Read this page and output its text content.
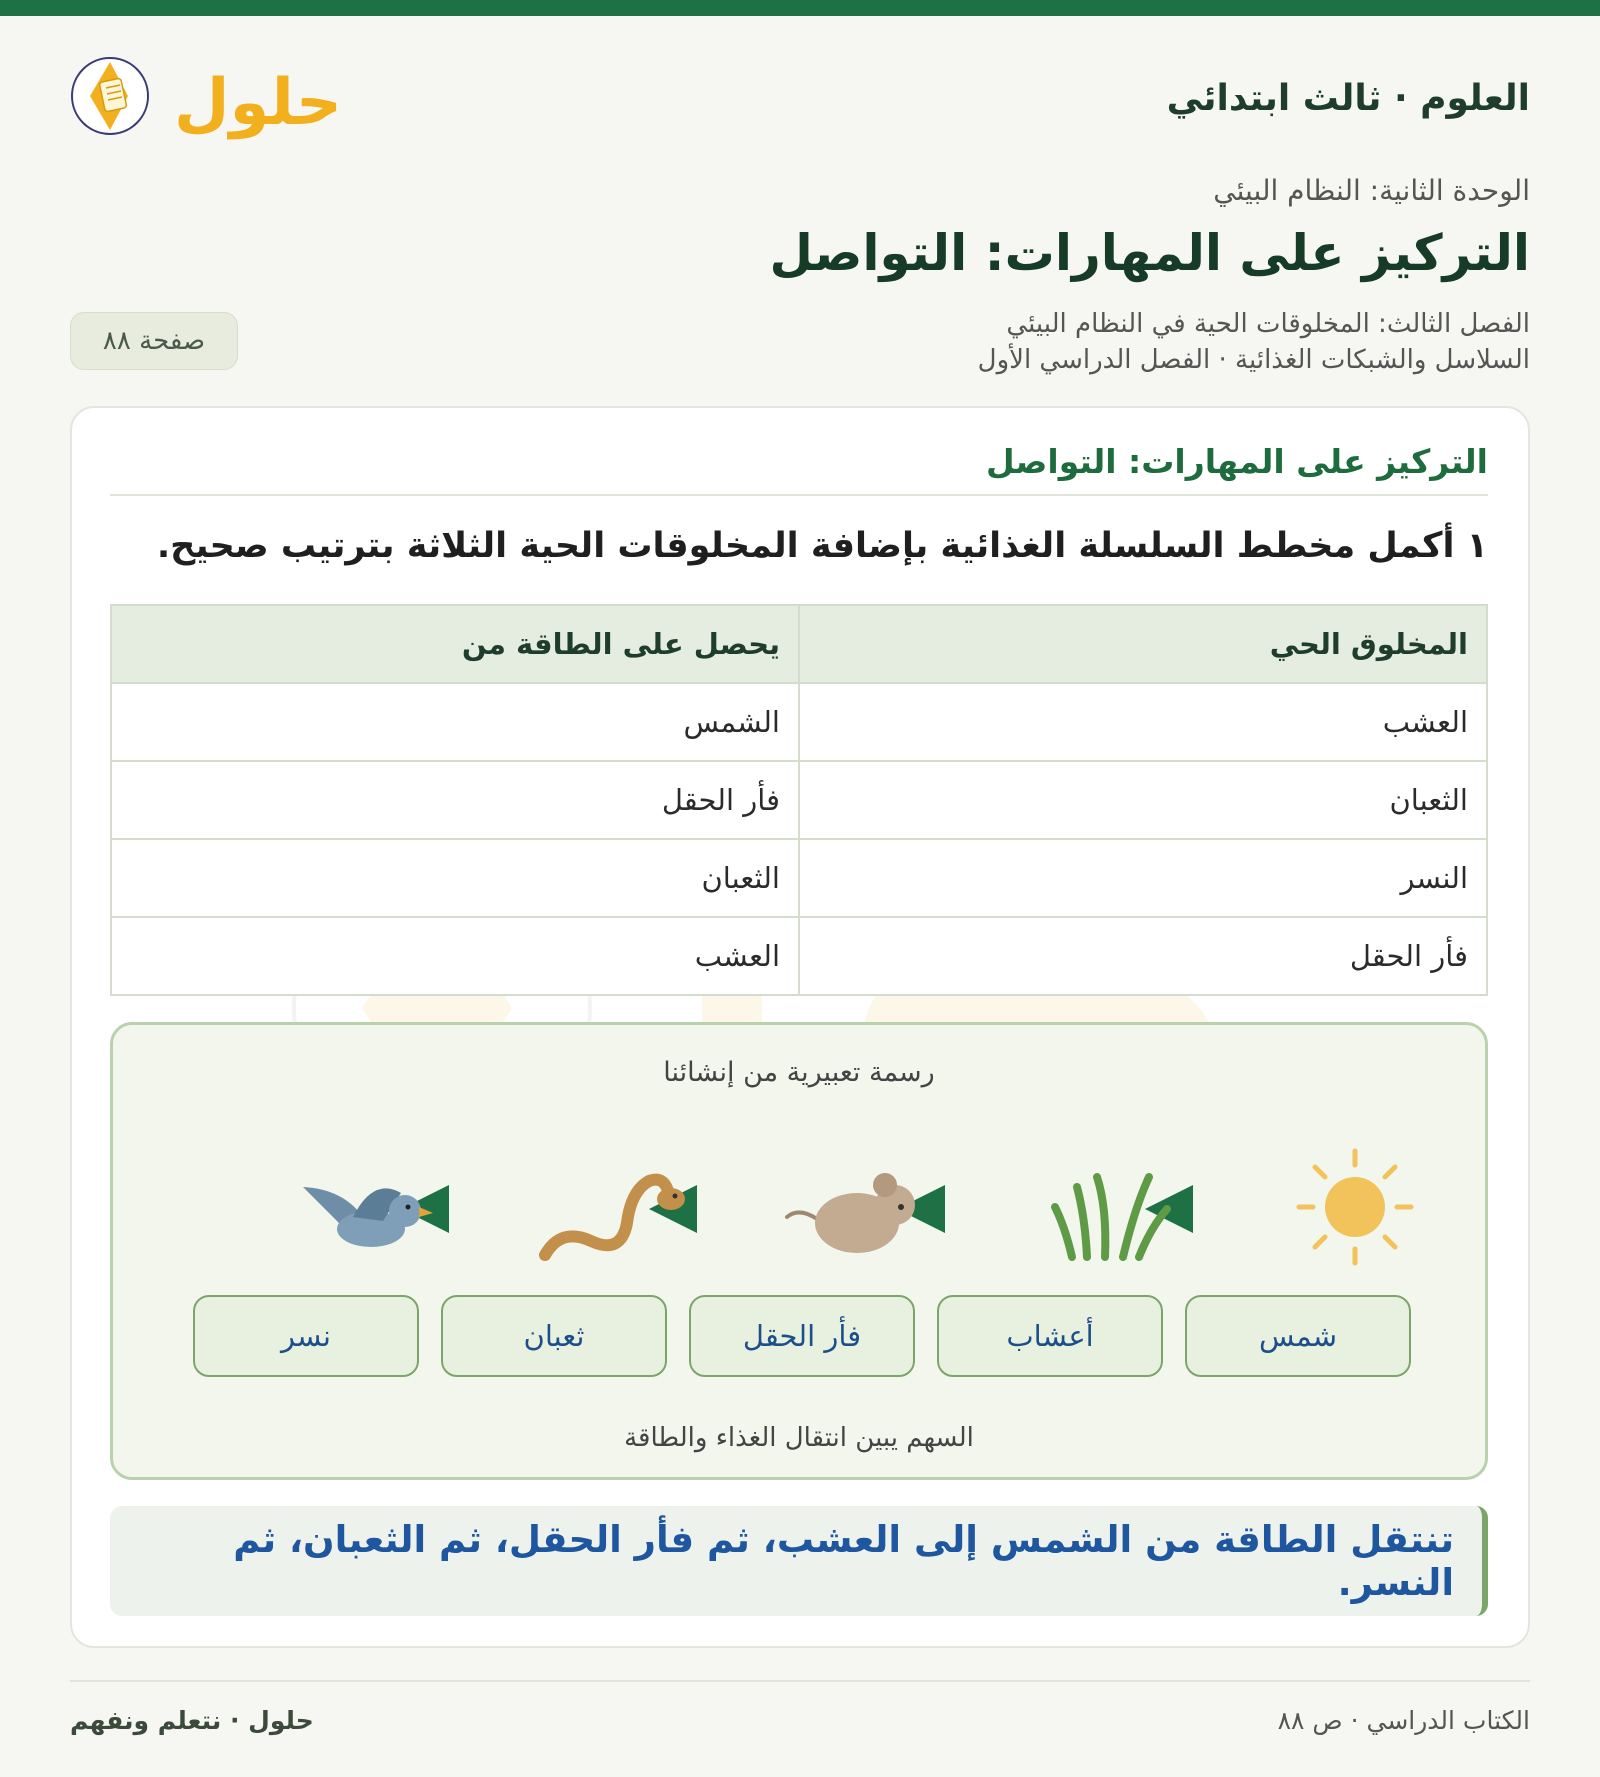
العلوم · ثالث ابتدائي
حلول
الوحدة الثانية: النظام البيئي
التركيز على المهارات: التواصل
الفصل الثالث: المخلوقات الحية في النظام البيئي
السلاسل والشبكات الغذائية · الفصل الدراسي الأول
صفحة ٨٨
التركيز على المهارات: التواصل
١ أكمل مخطط السلسلة الغذائية بإضافة المخلوقات الحية الثلاثة بترتيب صحيح.
المخلوق الحي	يحصل على الطاقة من
العشب	الشمس
الثعبان	فأر الحقل
النسر	الثعبان
فأر الحقل	العشب
رسمة تعبيرية من إنشائنا
شمس
أعشاب
فأر الحقل
ثعبان
نسر
السهم يبين انتقال الغذاء والطاقة
تنتقل الطاقة من الشمس إلى العشب، ثم فأر الحقل، ثم الثعبان، ثم النسر.
الكتاب الدراسي · ص ٨٨
حلول · نتعلم ونفهم
